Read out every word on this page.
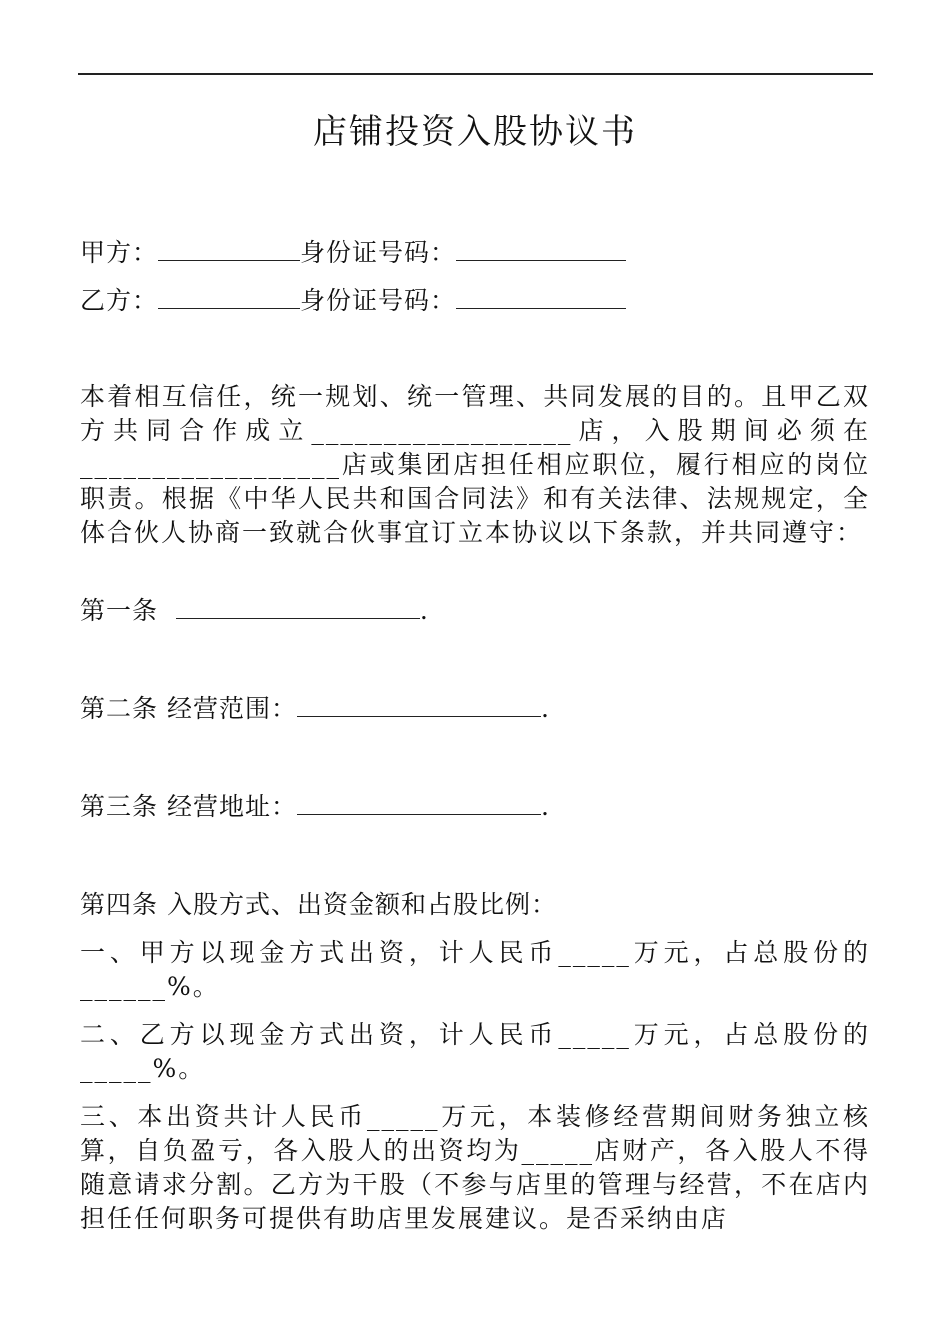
店铺投资入股协议书
甲方：	身份证号码：
乙方：	身份证号码：
本着相互信任，统一规划、统一管理、共同发展的目的。且甲乙双方共同合作成立__________________店，入股期间必须在__________________店或集团店担任相应职位，履行相应的岗位职责。根据《中华人民共和国合同法》和有关法律、法规规定，全体合伙人协商一致就合伙事宜订立本协议以下条款，并共同遵守：
第一条	.
第二条 经营范围：	.
第三条 经营地址：	.
第四条 入股方式、出资金额和占股比例：
一、甲方以现金方式出资，计人民币_____万元，占总股份的______%。
二、乙方以现金方式出资，计人民币_____万元，占总股份的_____%。
三、本出资共计人民币_____万元，本装修经营期间财务独立核算，自负盈亏，各入股人的出资均为_____店财产，各入股人不得随意请求分割。乙方为干股（不参与店里的管理与经营，不在店内担任任何职务可提供有助店里发展建议。是否采纳由店
